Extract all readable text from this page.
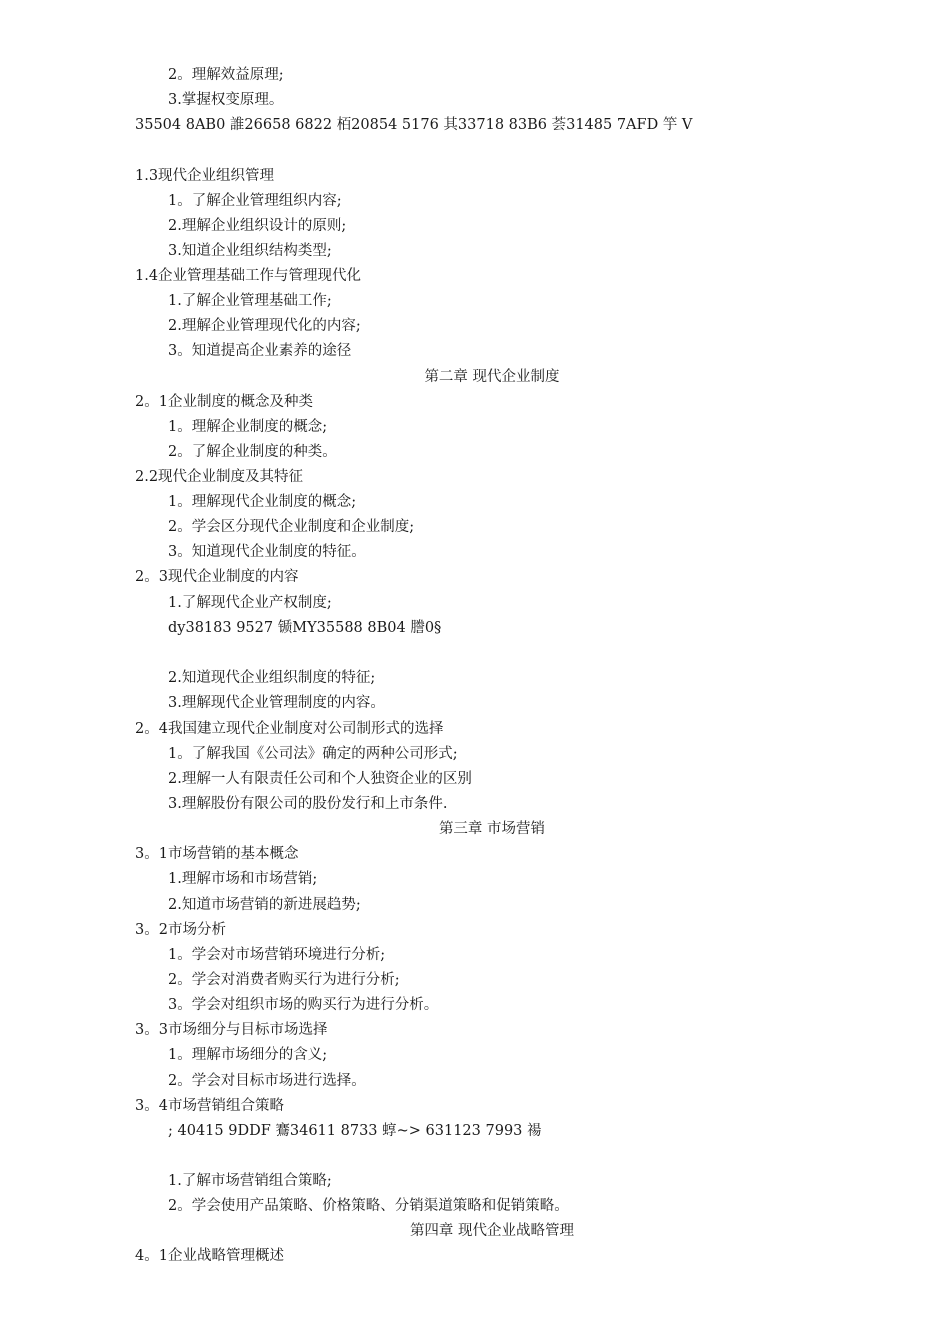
2。理解效益原理;
3.掌握权变原理。
35504 8AB0 誰26658 6822 栢20854 5176 其33718 83B6 荟31485 7AFD 竽 V
1.3现代企业组织管理
1。了解企业管理组织内容;
2.理解企业组织设计的原则;
3.知道企业组织结构类型;
1.4企业管理基础工作与管理现代化
1.了解企业管理基础工作;
2.理解企业管理现代化的内容;
3。知道提高企业素养的途径
第二章 现代企业制度
2。1企业制度的概念及种类
1。理解企业制度的概念;
2。了解企业制度的种类。
2.2现代企业制度及其特征
1。理解现代企业制度的概念;
2。学会区分现代企业制度和企业制度;
3。知道现代企业制度的特征。
2。3现代企业制度的内容
1.了解现代企业产权制度;
dy38183 9527 锧MY35588 8B04 謄0§
2.知道现代企业组织制度的特征;
3.理解现代企业管理制度的内容。
2。4我国建立现代企业制度对公司制形式的选择
1。了解我国《公司法》确定的两种公司形式;
2.理解一人有限责任公司和个人独资企业的区别
3.理解股份有限公司的股份发行和上市条件.
第三章 市场营销
3。1市场营销的基本概念
1.理解市场和市场营销;
2.知道市场营销的新进展趋势;
3。2市场分析
1。学会对市场营销环境进行分析;
2。学会对消费者购买行为进行分析;
3。学会对组织市场的购买行为进行分析。
3。3市场细分与目标市场选择
1。理解市场细分的含义;
2。学会对目标市场进行选择。
3。4市场营销组合策略
; 40415 9DDF 鶱34611 8733 蜳~> 631123 7993 禓
1.了解市场营销组合策略;
2。学会使用产品策略、价格策略、分销渠道策略和促销策略。
第四章 现代企业战略管理
4。1企业战略管理概述
